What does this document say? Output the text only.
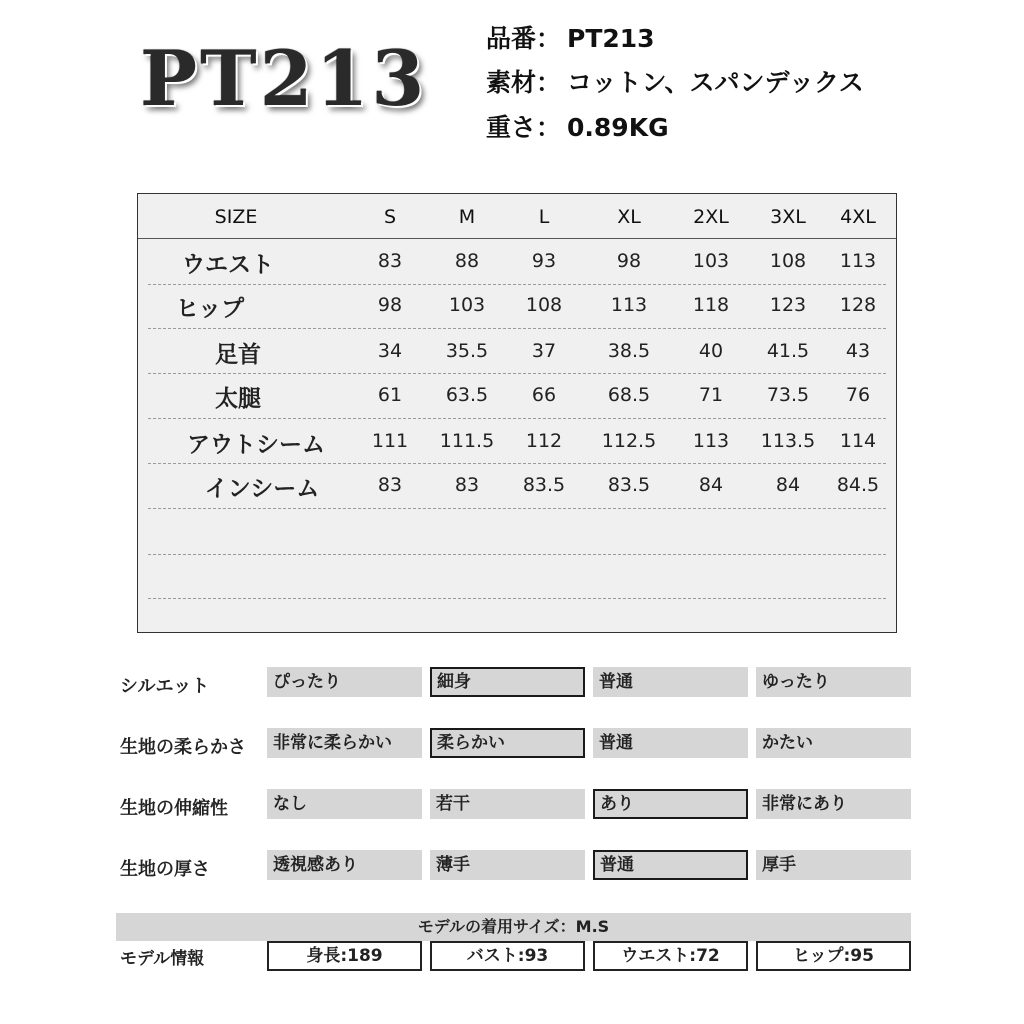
PT213 品番： PT213
素材： コットン、スパンデックス
重さ： 0.89KG
SIZE	S	M	L	XL	2XL	3XL	4XL
ウエスト	83	88	93	98	103	108	113
ヒップ	98	103	108	113	118	123	128
足首	34	35.5	37	38.5	40	41.5	43
太腿	61	63.5	66	68.5	71	73.5	76
アウトシーム	111	111.5	112	112.5	113	113.5	114
インシーム	83	83	83.5	83.5	84	84	84.5
シルエット	ぴったり	細身	普通	ゆったり
生地の柔らかさ	非常に柔らかい	柔らかい	普通	かたい
生地の伸縮性	なし	若干	あり	非常にあり
生地の厚さ	透視感あり	薄手	普通	厚手
モデルの着用サイズ：M.S
モデル情報	身長:189	バスト:93	ウエスト:72	ヒップ:95
